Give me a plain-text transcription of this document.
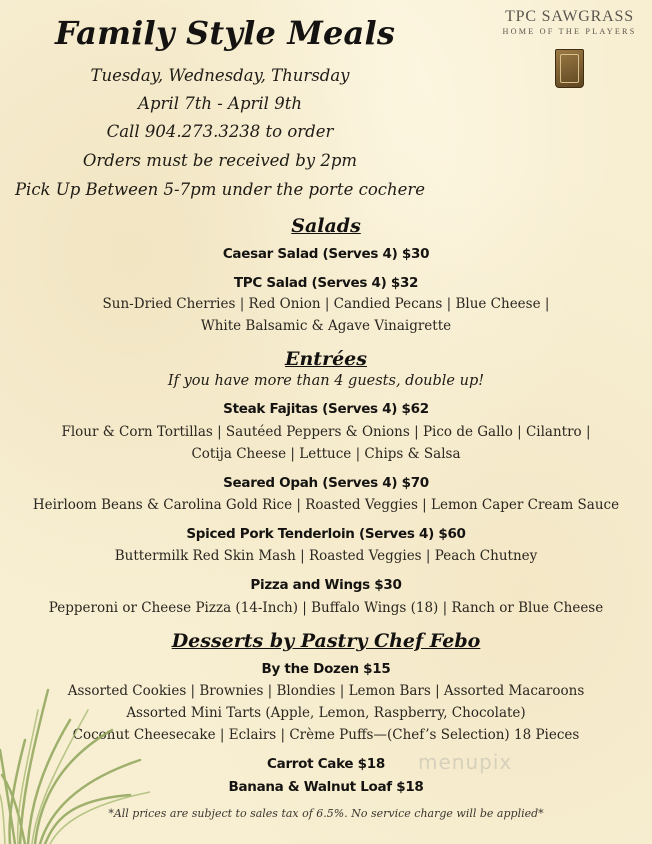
Family Style Meals	TPC SAWGRASS
HOME OF THE PLAYERS
Tuesday, Wednesday, Thursday
April 7th - April 9th
Call 904.273.3238 to order
Orders must be received by 2pm
Pick Up Between 5-7pm under the porte cochere
Salads
Caesar Salad (Serves 4) $30
TPC Salad (Serves 4) $32
Sun-Dried Cherries | Red Onion | Candied Pecans | Blue Cheese |
White Balsamic & Agave Vinaigrette
Entrées
If you have more than 4 guests, double up!
Steak Fajitas (Serves 4) $62
Flour & Corn Tortillas | Sautéed Peppers & Onions | Pico de Gallo | Cilantro |
Cotija Cheese | Lettuce | Chips & Salsa
Seared Opah (Serves 4) $70
Heirloom Beans & Carolina Gold Rice | Roasted Veggies | Lemon Caper Cream Sauce
Spiced Pork Tenderloin (Serves 4) $60
Buttermilk Red Skin Mash | Roasted Veggies | Peach Chutney
Pizza and Wings $30
Pepperoni or Cheese Pizza (14-Inch) | Buffalo Wings (18) | Ranch or Blue Cheese
Desserts by Pastry Chef Febo
By the Dozen $15
Assorted Cookies | Brownies | Blondies | Lemon Bars | Assorted Macaroons
Assorted Mini Tarts (Apple, Lemon, Raspberry, Chocolate)
Coconut Cheesecake | Eclairs | Crème Puffs—(Chef’s Selection) 18 Pieces
Carrot Cake $18
Banana & Walnut Loaf $18
*All prices are subject to sales tax of 6.5%. No service charge will be applied*
menupix
